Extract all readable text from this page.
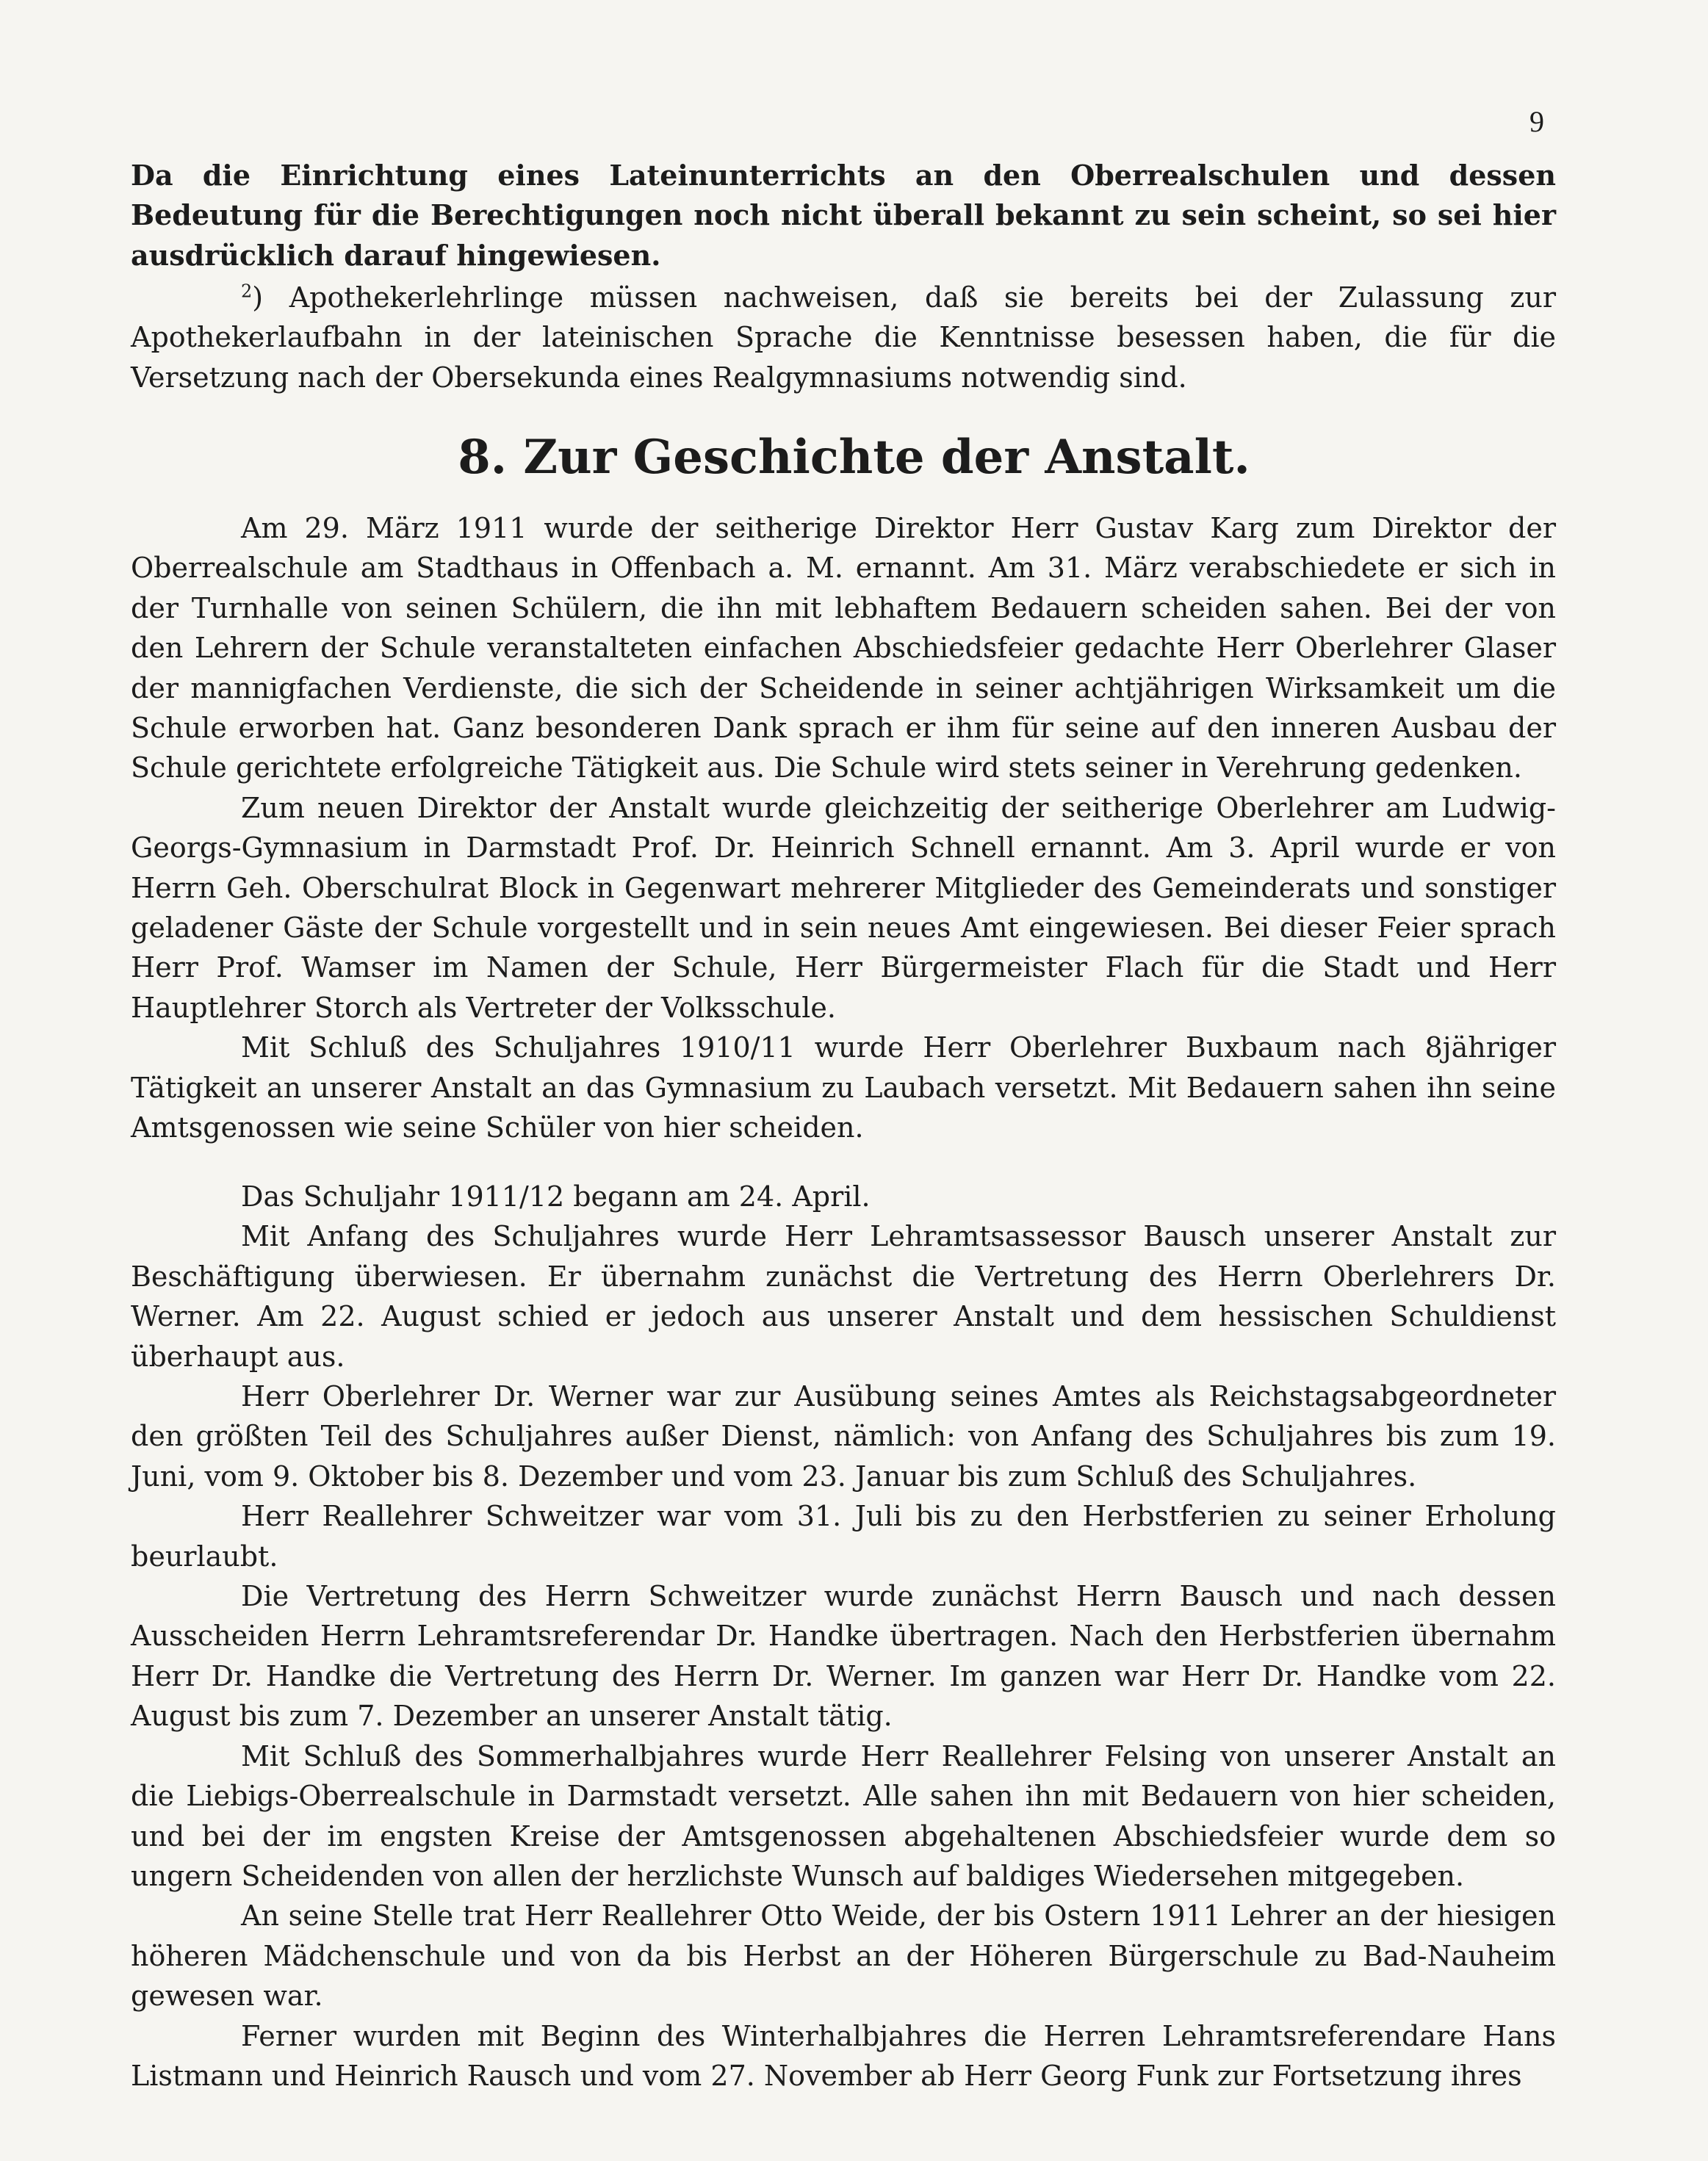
9

Da die Einrichtung eines Lateinunterrichts an den Oberrealschulen und dessen Bedeutung für die Berechtigungen noch nicht überall bekannt zu sein scheint, so sei hier ausdrücklich darauf hingewiesen.

$^2$) Apothekerlehrlinge müssen nachweisen, daß sie bereits bei der Zulassung zur Apothekerlaufbahn in der lateinischen Sprache die Kenntnisse besessen haben, die für die Versetzung nach der Obersekunda eines Realgymnasiums notwendig sind.

8. Zur Geschichte der Anstalt.

Am 29. März 1911 wurde der seitherige Direktor Herr Gustav Karg zum Direktor der Oberrealschule am Stadthaus in Offenbach a. M. ernannt. Am 31. März verabschiedete er sich in der Turnhalle von seinen Schülern, die ihn mit lebhaftem Bedauern scheiden sahen. Bei der von den Lehrern der Schule veranstalteten einfachen Abschiedsfeier gedachte Herr Oberlehrer Glaser der mannigfachen Verdienste, die sich der Scheidende in seiner achtjährigen Wirksamkeit um die Schule erworben hat. Ganz besonderen Dank sprach er ihm für seine auf den inneren Ausbau der Schule gerichtete erfolgreiche Tätigkeit aus. Die Schule wird stets seiner in Verehrung gedenken.

Zum neuen Direktor der Anstalt wurde gleichzeitig der seitherige Oberlehrer am Ludwig-Georgs-Gymnasium in Darmstadt Prof. Dr. Heinrich Schnell ernannt. Am 3. April wurde er von Herrn Geh. Oberschulrat Block in Gegenwart mehrerer Mitglieder des Gemeinderats und sonstiger geladener Gäste der Schule vorgestellt und in sein neues Amt eingewiesen. Bei dieser Feier sprach Herr Prof. Wamser im Namen der Schule, Herr Bürgermeister Flach für die Stadt und Herr Hauptlehrer Storch als Vertreter der Volksschule.

Mit Schluß des Schuljahres 1910/11 wurde Herr Oberlehrer Buxbaum nach 8jähriger Tätigkeit an unserer Anstalt an das Gymnasium zu Laubach versetzt. Mit Bedauern sahen ihn seine Amtsgenossen wie seine Schüler von hier scheiden.

Das Schuljahr 1911/12 begann am 24. April.

Mit Anfang des Schuljahres wurde Herr Lehramtsassessor Bausch unserer Anstalt zur Beschäftigung überwiesen. Er übernahm zunächst die Vertretung des Herrn Oberlehrers Dr. Werner. Am 22. August schied er jedoch aus unserer Anstalt und dem hessischen Schuldienst überhaupt aus.

Herr Oberlehrer Dr. Werner war zur Ausübung seines Amtes als Reichstagsabgeordneter den größten Teil des Schuljahres außer Dienst, nämlich: von Anfang des Schuljahres bis zum 19. Juni, vom 9. Oktober bis 8. Dezember und vom 23. Januar bis zum Schluß des Schuljahres.

Herr Reallehrer Schweitzer war vom 31. Juli bis zu den Herbstferien zu seiner Erholung beurlaubt.

Die Vertretung des Herrn Schweitzer wurde zunächst Herrn Bausch und nach dessen Ausscheiden Herrn Lehramtsreferendar Dr. Handke übertragen. Nach den Herbstferien übernahm Herr Dr. Handke die Vertretung des Herrn Dr. Werner. Im ganzen war Herr Dr. Handke vom 22. August bis zum 7. Dezember an unserer Anstalt tätig.

Mit Schluß des Sommerhalbjahres wurde Herr Reallehrer Felsing von unserer Anstalt an die Liebigs-Oberrealschule in Darmstadt versetzt. Alle sahen ihn mit Bedauern von hier scheiden, und bei der im engsten Kreise der Amtsgenossen abgehaltenen Abschiedsfeier wurde dem so ungern Scheidenden von allen der herzlichste Wunsch auf baldiges Wiedersehen mitgegeben.

An seine Stelle trat Herr Reallehrer Otto Weide, der bis Ostern 1911 Lehrer an der hiesigen höheren Mädchenschule und von da bis Herbst an der Höheren Bürgerschule zu Bad-Nauheim gewesen war.

Ferner wurden mit Beginn des Winterhalbjahres die Herren Lehramtsreferendare Hans Listmann und Heinrich Rausch und vom 27. November ab Herr Georg Funk zur Fortsetzung ihres
